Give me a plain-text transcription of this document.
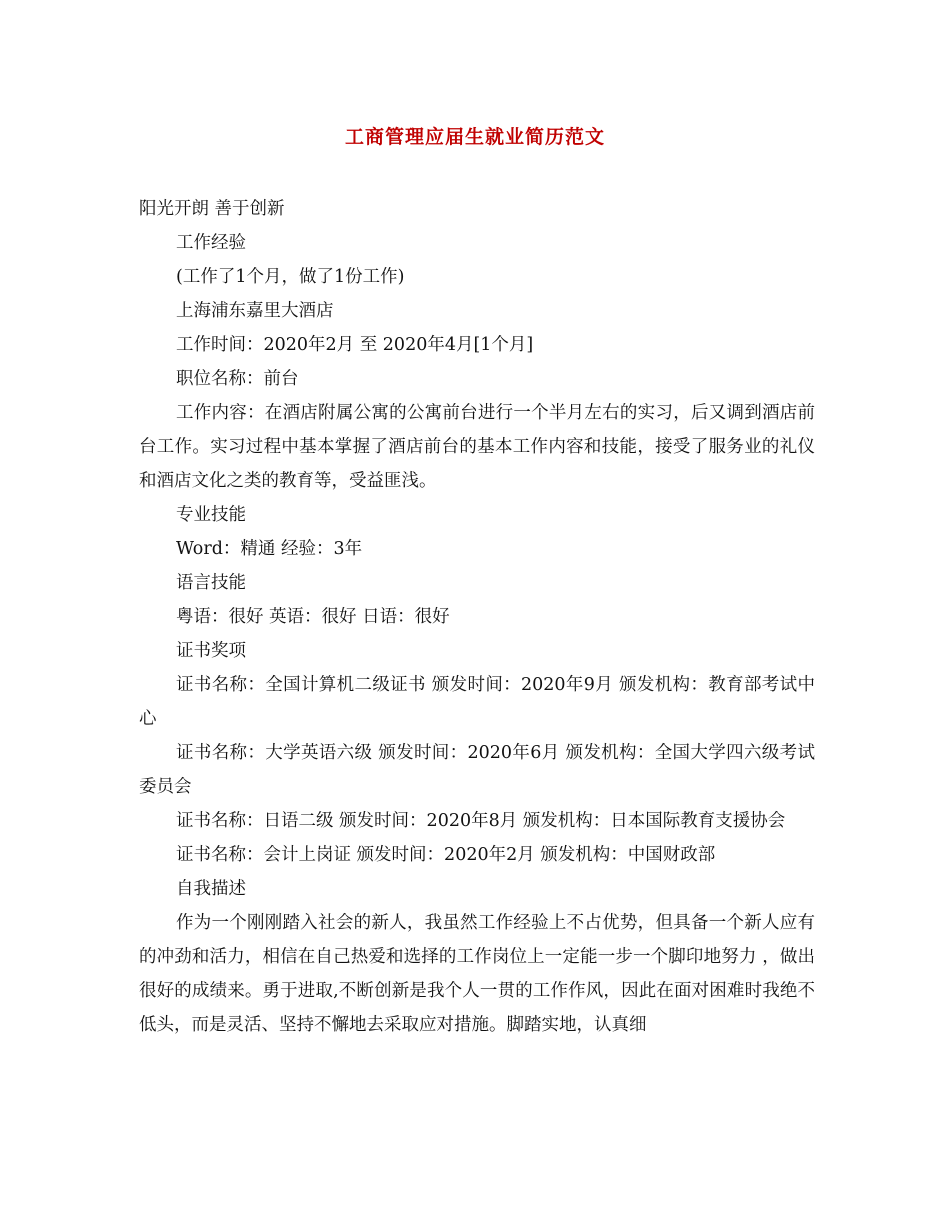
工商管理应届生就业简历范文

阳光开朗 善于创新

工作经验

(工作了1个月，做了1份工作)

上海浦东嘉里大酒店

工作时间：2020年2月 至 2020年4月[1个月]

职位名称：前台

工作内容：在酒店附属公寓的公寓前台进行一个半月左右的实习，后又调到酒店前台工作。实习过程中基本掌握了酒店前台的基本工作内容和技能，接受了服务业的礼仪和酒店文化之类的教育等，受益匪浅。

专业技能

Word：精通 经验：3年

语言技能

粤语：很好 英语：很好 日语：很好

证书奖项

证书名称：全国计算机二级证书 颁发时间：2020年9月 颁发机构：教育部考试中心

证书名称：大学英语六级 颁发时间：2020年6月 颁发机构：全国大学四六级考试委员会

证书名称：日语二级 颁发时间：2020年8月 颁发机构：日本国际教育支援协会

证书名称：会计上岗证 颁发时间：2020年2月 颁发机构：中国财政部

自我描述

作为一个刚刚踏入社会的新人，我虽然工作经验上不占优势，但具备一个新人应有的冲劲和活力，相信在自己热爱和选择的工作岗位上一定能一步一个脚印地努力 ，做出很好的成绩来。勇于进取,不断创新是我个人一贯的工作作风，因此在面对困难时我绝不低头，而是灵活、坚持不懈地去采取应对措施。脚踏实地，认真细
